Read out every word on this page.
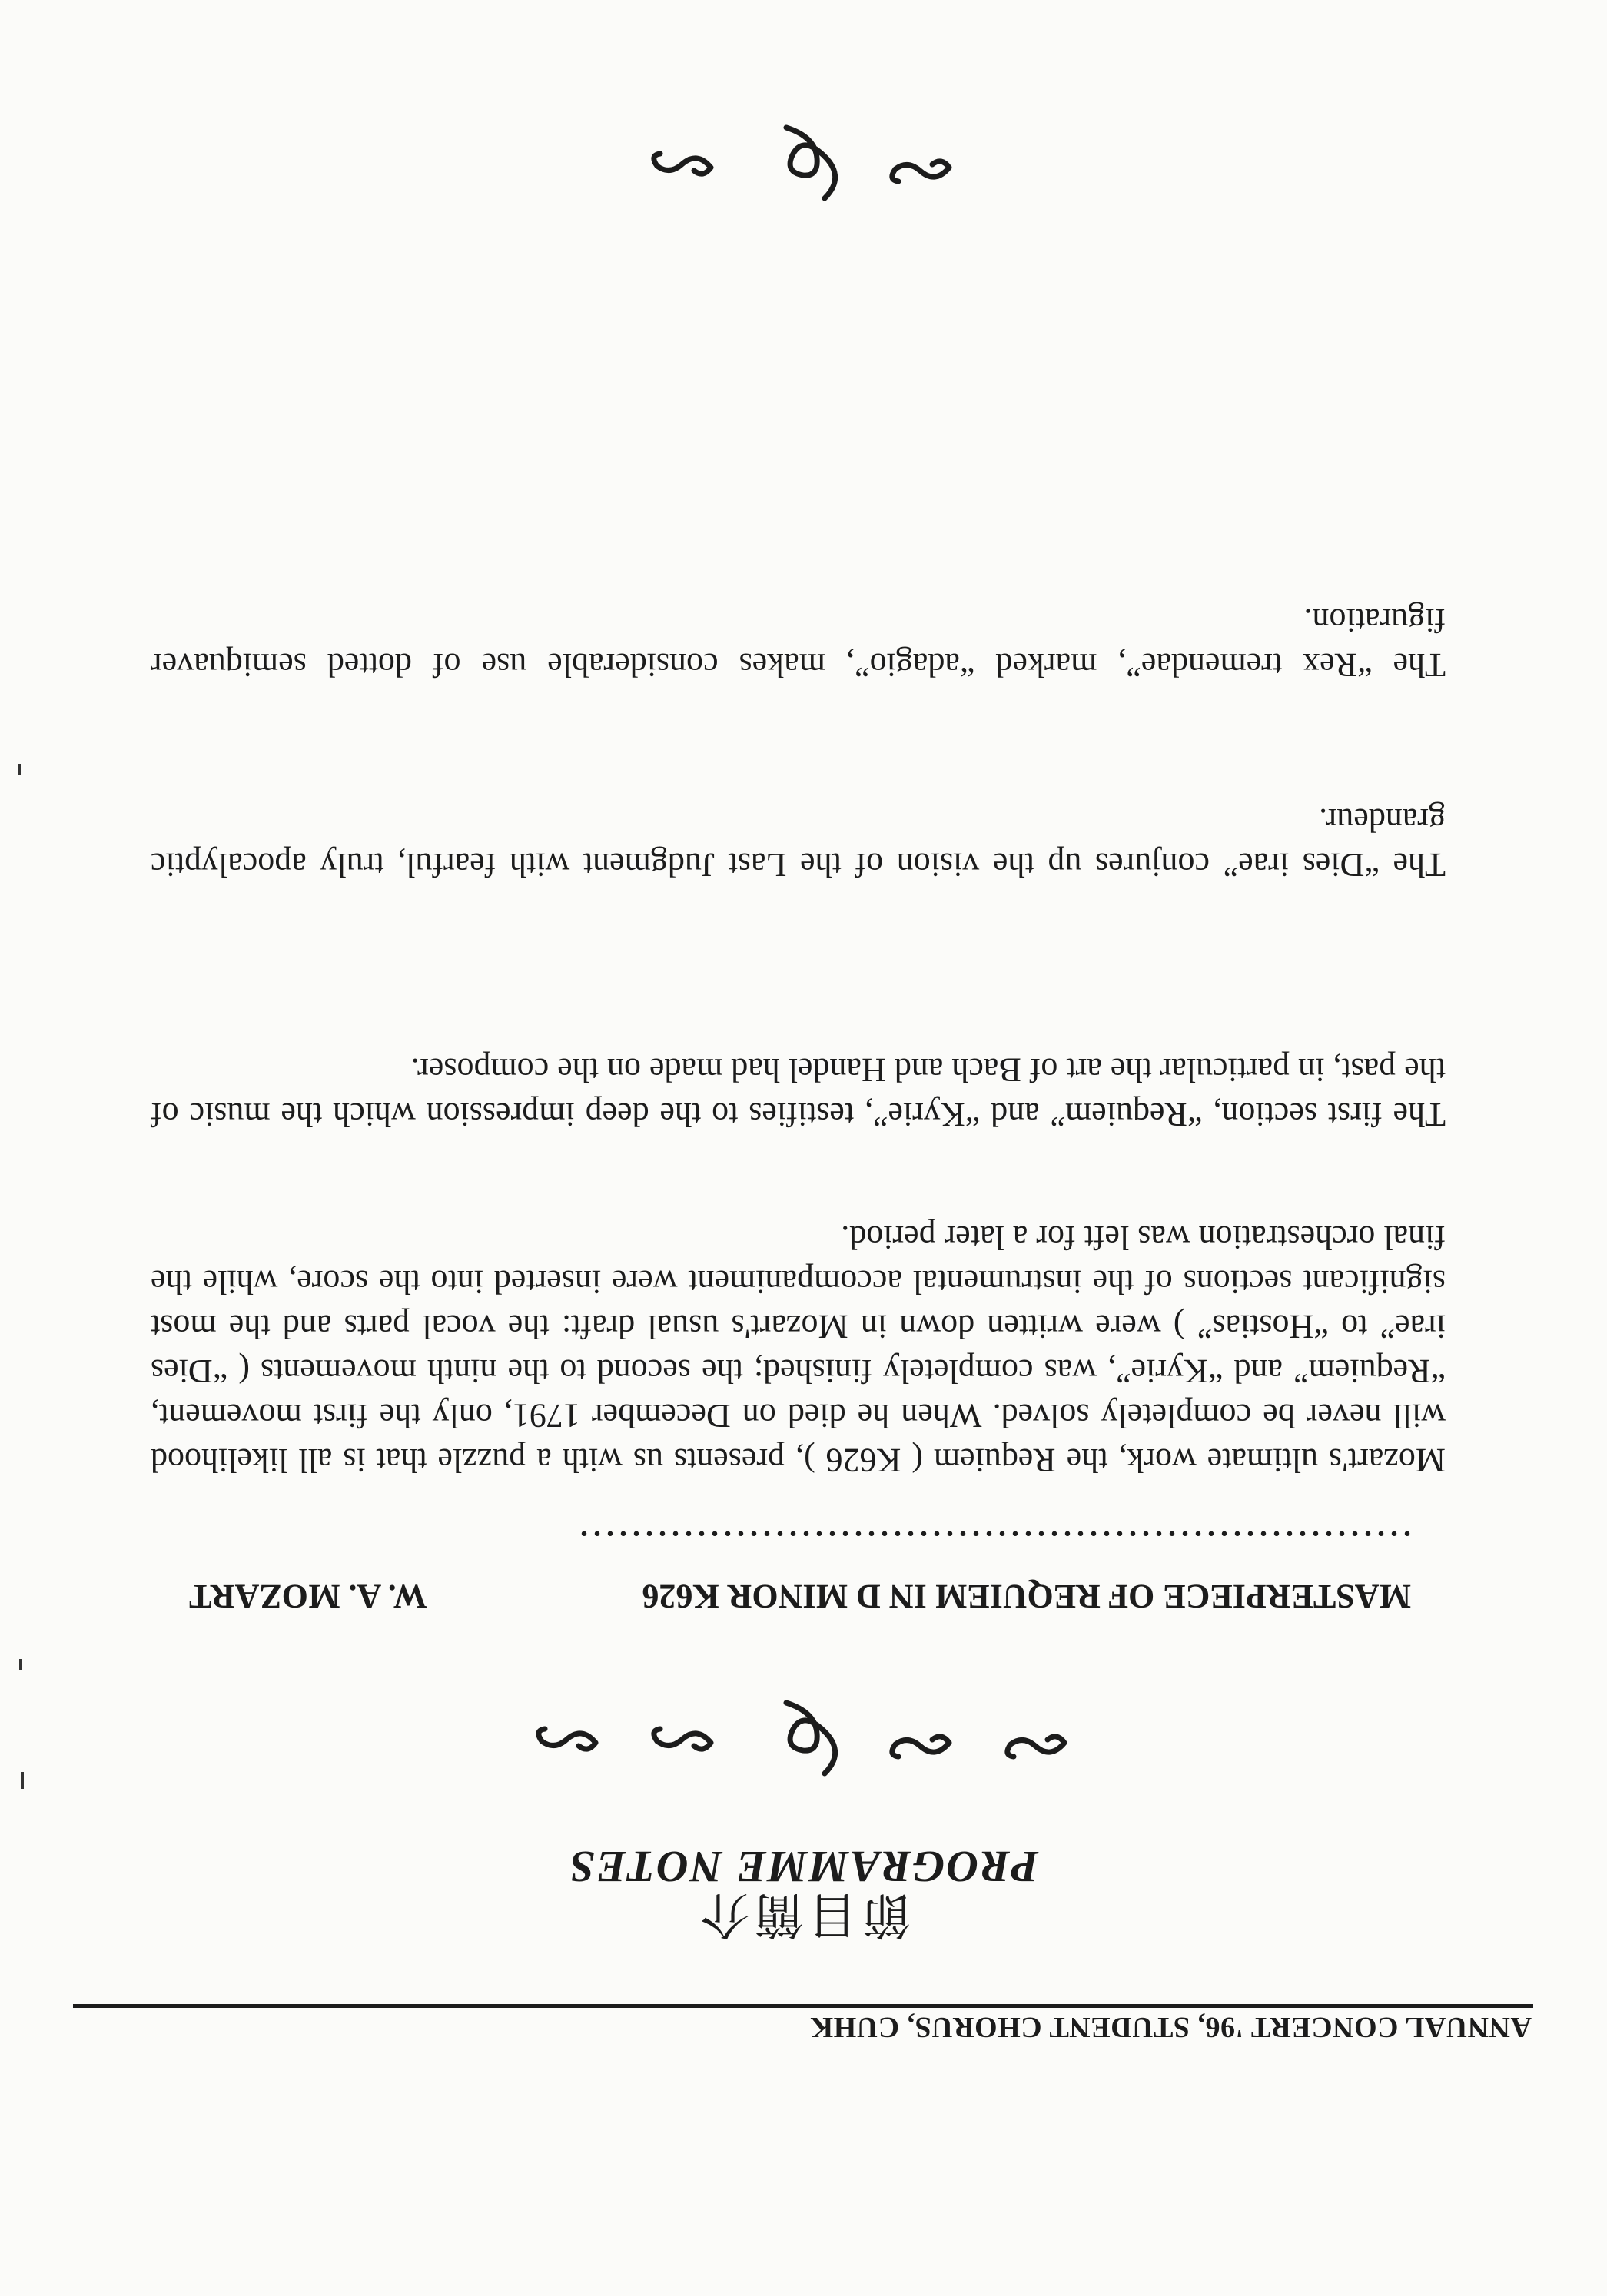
ANNUAL CONCERT '96, STUDENT CHORUS, CUHK
節目簡介
PROGRAMME NOTES
MASTERPIECE OF REQUIEM IN D MINOR K626
W. A. MOZART
................................................................

Mozart's ultimate work, the Requiem ( K626 ), presents us with a puzzle that is all likelihood will never be completely solved. When he died on December 1791, only the first movement, “Requiem” and “Kyrie”, was completely finished; the second to the ninth movements ( “Dies irae” to “Hostias” ) were written down in Mozart's usual draft: the vocal parts and the most significant sections of the instrumental accompaniment were inserted into the score, while the final orchestration was left for a later period.

The first section, “Requiem” and “Kyrie”, testifies to the deep impression which the music of the past, in particular the art of Bach and Handel had made on the composer.

The “Dies irae” conjures up the vision of the Last Judgment with fearful, truly apocalyptic grandeur.

The “Rex tremendae”, marked “adagio”, makes considerable use of dotted semiquaver figuration.
